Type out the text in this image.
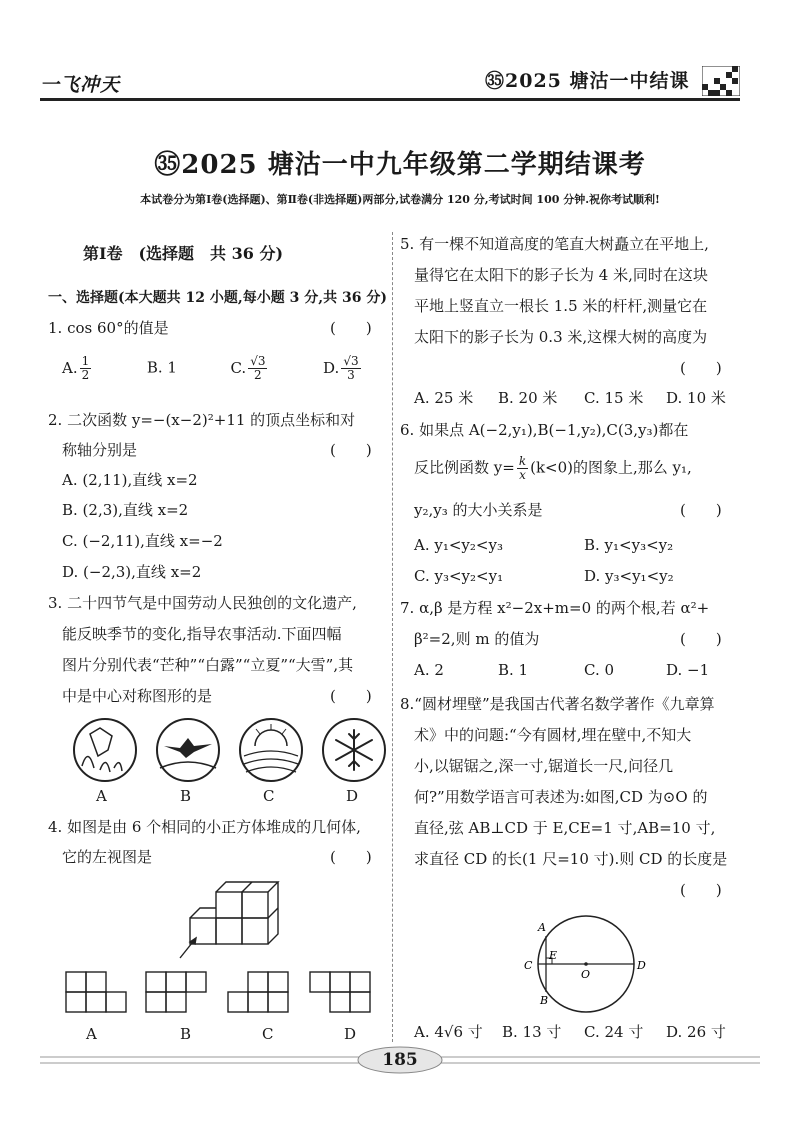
一飞冲天	㉟2025 塘沽一中结课
㉟2025 塘沽一中九年级第二学期结课考
本试卷分为第Ⅰ卷(选择题)、第Ⅱ卷(非选择题)两部分,试卷满分 120 分,考试时间 100 分钟.祝你考试顺利!
第Ⅰ卷　(选择题　共 36 分)
一、选择题(本大题共 12 小题,每小题 3 分,共 36 分)
1. cos 60°的值是	(　　)
A. $\frac{1}{2}$	B. 1	C. $\frac{√3}{2}$	D. $\frac{√3}{3}$
2. 二次函数 y=−(x−2)²+11 的顶点坐标和对
称轴分别是	(　　)
A. (2,11),直线 x=2
B. (2,3),直线 x=2
C. (−2,11),直线 x=−2
D. (−2,3),直线 x=2
3. 二十四节气是中国劳动人民独创的文化遗产,
能反映季节的变化,指导农事活动.下面四幅
图片分别代表“芒种”“白露”“立夏”“大雪”,其
中是中心对称图形的是	(　　)
A	B	C	D
4. 如图是由 6 个相同的小正方体堆成的几何体,
它的左视图是	(　　)
A	B	C	D
5. 有一棵不知道高度的笔直大树矗立在平地上,
量得它在太阳下的影子长为 4 米,同时在这块
平地上竖直立一根长 1.5 米的杆杆,测量它在
太阳下的影子长为 0.3 米,这棵大树的高度为
(　　)
A. 25 米 B. 20 米 C. 15 米 D. 10 米
6. 如果点 A(−2,y₁),B(−1,y₂),C(3,y₃)都在
反比例函数 $y= \frac{k}{x} (k<0)$的图象上,那么 y₁,
y₂,y₃ 的大小关系是	(　　)
A. y₁<y₂<y₃	B. y₁<y₃<y₂
C. y₃<y₂<y₁	D. y₃<y₁<y₂
7. α,β 是方程 x²−2x+m=0 的两个根,若 α²+
β²=2,则 m 的值为	(　　)
A. 2	B. 1	C. 0	D. −1
8.“圆材埋壁”是我国古代著名数学著作《九章算
术》中的问题:“今有圆材,埋在壁中,不知大
小,以锯锯之,深一寸,锯道长一尺,问径几
何?”用数学语言可表述为:如图,CD 为⊙O 的
直径,弦 AB⊥CD 于 E,CE=1 寸,AB=10 寸,
求直径 CD 的长(1 尺=10 寸).则 CD 的长度是
(　　)
A
B
C	D
E
O
A. 4√6 寸 B. 13 寸 C. 24 寸 D. 26 寸
185
